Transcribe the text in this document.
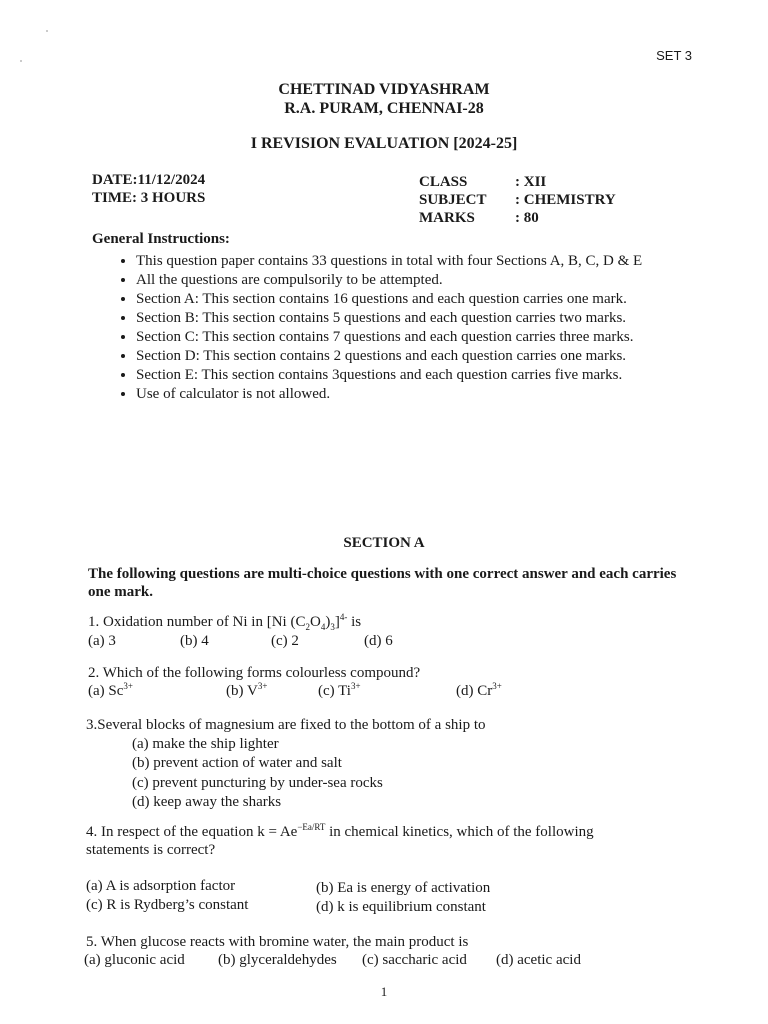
SET 3
CHETTINAD VIDYASHRAM
R.A. PURAM, CHENNAI-28
I REVISION EVALUATION [2024-25]
DATE:11/12/2024
TIME: 3 HOURS
CLASS	: XII
SUBJECT : CHEMISTRY
MARKS	: 80
General Instructions:
• This question paper contains 33 questions in total with four Sections A, B, C, D & E
• All the questions are compulsorily to be attempted.
• Section A: This section contains 16 questions and each question carries one mark.
• Section B: This section contains 5 questions and each question carries two marks.
• Section C: This section contains 7 questions and each question carries three marks.
• Section D: This section contains 2 questions and each question carries one marks.
• Section E: This section contains 3questions and each question carries five marks.
• Use of calculator is not allowed.
SECTION A
The following questions are multi-choice questions with one correct answer and each carries one mark.
1. Oxidation number of Ni in [Ni $(C_2O_4)_3]^{4-}$ is
(a) 3	(b) 4	(c) 2	(d) 6
2. Which of the following forms colourless compound?
(a) $Sc^{3+}$	(b) $V^{3+}$	(c) $Ti^{3+}$	(d) $Cr^{3+}$
3.Several blocks of magnesium are fixed to the bottom of a ship to
(a) make the ship lighter
(b) prevent action of water and salt
(c) prevent puncturing by under-sea rocks
(d) keep away the sharks
4. In respect of the equation $k = Ae^{-Ea/RT}$ in chemical kinetics, which of the following
statements is correct?
(a) A is adsorption factor	(b) Ea is energy of activation
(c) R is Rydberg’s constant	(d) k is equilibrium constant
5. When glucose reacts with bromine water, the main product is
(a) gluconic acid (b) glyceraldehydes (c) saccharic acid (d) acetic acid
1
